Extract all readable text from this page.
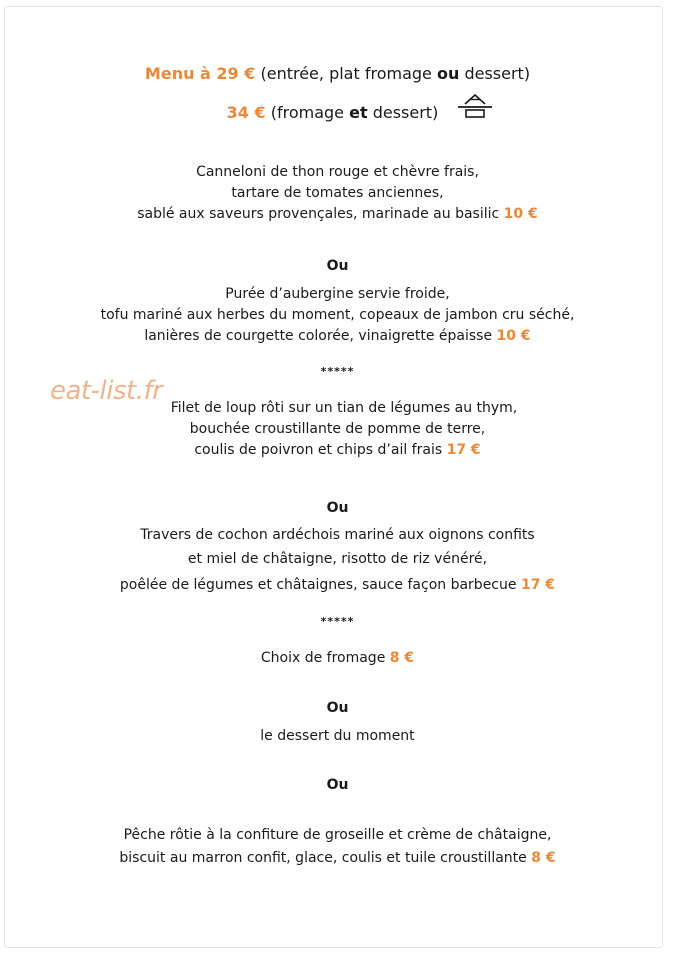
Menu à 29 € (entrée, plat fromage ou dessert)
34 € (fromage et dessert)
Canneloni de thon rouge et chèvre frais,
tartare de tomates anciennes,
sablé aux saveurs provençales, marinade au basilic 10 €
Ou
Purée d’aubergine servie froide,
tofu mariné aux herbes du moment, copeaux de jambon cru séché,
lanières de courgette colorée, vinaigrette épaisse 10 €
*****
eat-list.fr
Filet de loup rôti sur un tian de légumes au thym,
bouchée croustillante de pomme de terre,
coulis de poivron et chips d’ail frais 17 €
Ou
Travers de cochon ardéchois mariné aux oignons confits
et miel de châtaigne, risotto de riz vénéré,
poêlée de légumes et châtaignes, sauce façon barbecue 17 €
*****
Choix de fromage 8 €
Ou
le dessert du moment
Ou
Pêche rôtie à la confiture de groseille et crème de châtaigne,
biscuit au marron confit, glace, coulis et tuile croustillante 8 €
